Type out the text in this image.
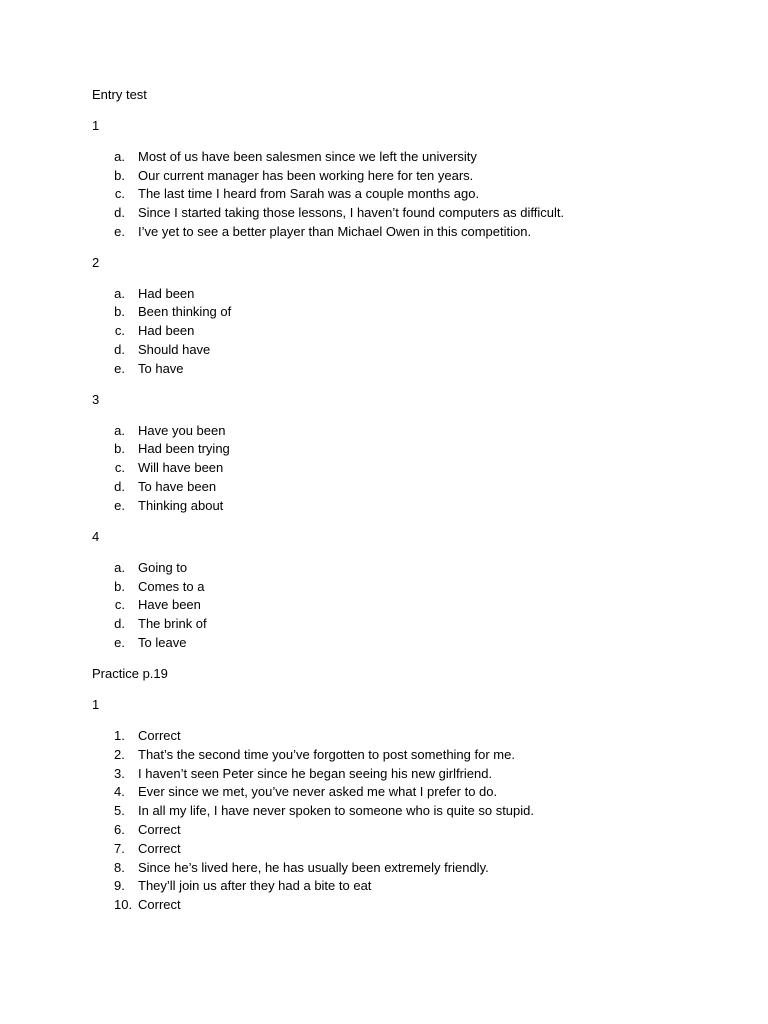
Entry test
1
a. Most of us have been salesmen since we left the university
b. Our current manager has been working here for ten years.
c. The last time I heard from Sarah was a couple months ago.
d. Since I started taking those lessons, I haven’t found computers as difficult.
e. I’ve yet to see a better player than Michael Owen in this competition.
2
a. Had been
b. Been thinking of
c. Had been
d. Should have
e. To have
3
a. Have you been
b. Had been trying
c. Will have been
d. To have been
e. Thinking about
4
a. Going to
b. Comes to a
c. Have been
d. The brink of
e. To leave
Practice p.19
1
1.	Correct
2.	That’s the second time you’ve forgotten to post something for me.
3.	I haven’t seen Peter since he began seeing his new girlfriend.
4.	Ever since we met, you’ve never asked me what I prefer to do.
5.	In all my life, I have never spoken to someone who is quite so stupid.
6.	Correct
7.	Correct
8.	Since he’s lived here, he has usually been extremely friendly.
9.	They’ll join us after they had a bite to eat
10. Correct
